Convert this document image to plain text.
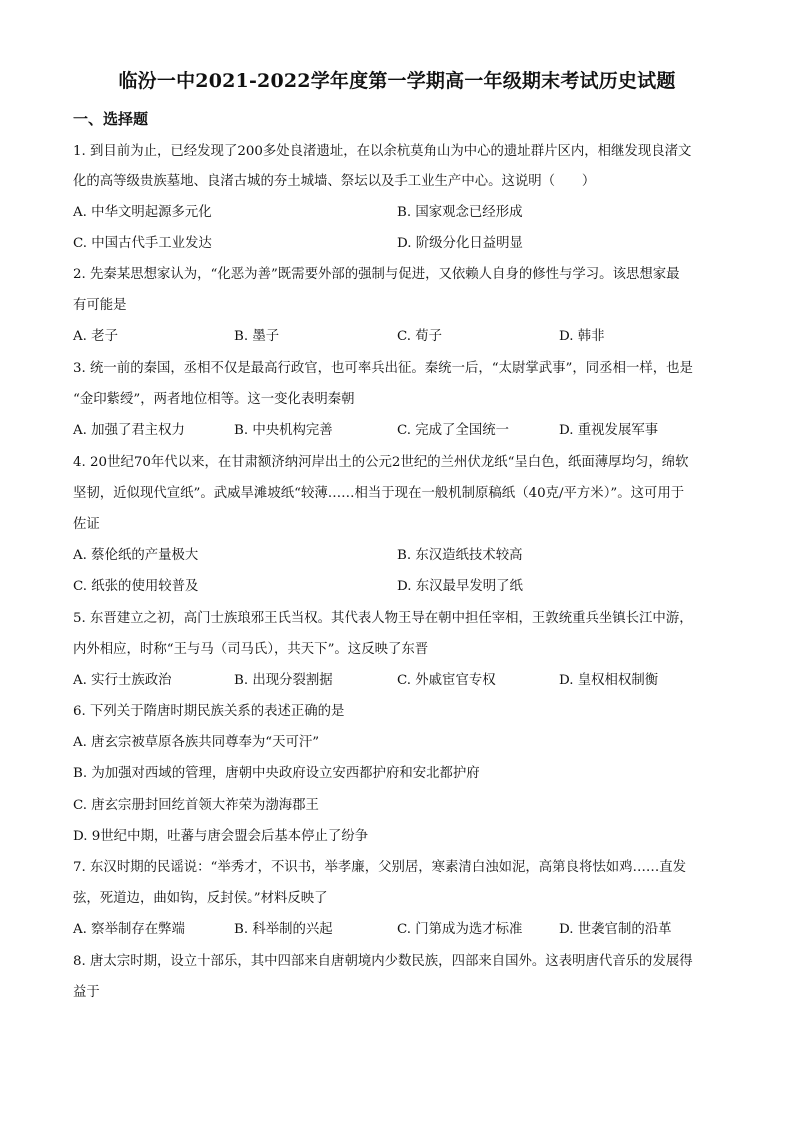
临汾一中2021-2022学年度第一学期高一年级期末考试历史试题
一、选择题
1. 到目前为止，已经发现了200多处良渚遗址，在以余杭莫角山为中心的遗址群片区内，相继发现良渚文
化的高等级贵族墓地、良渚古城的夯土城墙、祭坛以及手工业生产中心。这说明（　　）
A. 中华文明起源多元化	B. 国家观念已经形成
C. 中国古代手工业发达	D. 阶级分化日益明显
2. 先秦某思想家认为，“化恶为善”既需要外部的强制与促进，又依赖人自身的修性与学习。该思想家最
有可能是
A. 老子	B. 墨子	C. 荀子	D. 韩非
3. 统一前的秦国，丞相不仅是最高行政官，也可率兵出征。秦统一后，“太尉掌武事”，同丞相一样，也是
“金印紫绶”，两者地位相等。这一变化表明秦朝
A. 加强了君主权力	B. 中央机构完善	C. 完成了全国统一	D. 重视发展军事
4. 20世纪70年代以来，在甘肃额济纳河岸出土的公元2世纪的兰州伏龙纸“呈白色，纸面薄厚均匀，绵软
坚韧，近似现代宣纸”。武威旱滩坡纸“较薄……相当于现在一般机制原稿纸（40克/平方米）”。这可用于
佐证
A. 蔡伦纸的产量极大	B. 东汉造纸技术较高
C. 纸张的使用较普及	D. 东汉最早发明了纸
5. 东晋建立之初，高门士族琅邪王氏当权。其代表人物王导在朝中担任宰相，王敦统重兵坐镇长江中游，
内外相应，时称“王与马（司马氏），共天下”。这反映了东晋
A. 实行士族政治	B. 出现分裂割据	C. 外戚宦官专权	D. 皇权相权制衡
6. 下列关于隋唐时期民族关系的表述正确的是
A. 唐玄宗被草原各族共同尊奉为“天可汗”
B. 为加强对西域的管理，唐朝中央政府设立安西都护府和安北都护府
C. 唐玄宗册封回纥首领大祚荣为渤海郡王
D. 9世纪中期，吐蕃与唐会盟会后基本停止了纷争
7. 东汉时期的民谣说：“举秀才，不识书，举孝廉，父别居，寒素清白浊如泥，高第良将怯如鸡……直发
弦，死道边，曲如钩，反封侯。”材料反映了
A. 察举制存在弊端	B. 科举制的兴起	C. 门第成为选才标准	D. 世袭官制的沿革
8. 唐太宗时期，设立十部乐，其中四部来自唐朝境内少数民族，四部来自国外。这表明唐代音乐的发展得
益于
